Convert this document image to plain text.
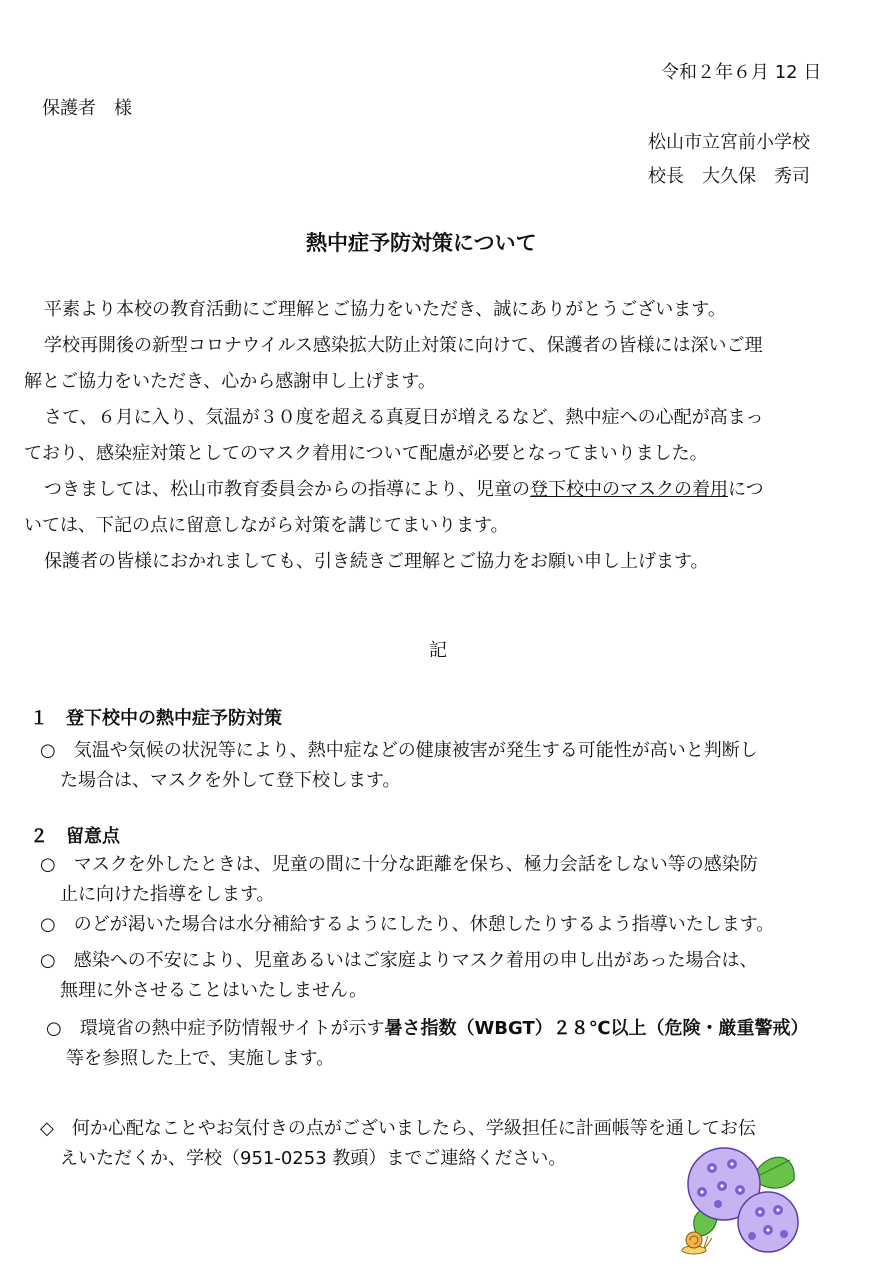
令和２年６月 12 日
保護者　様
松山市立宮前小学校
校長　大久保　秀司
熱中症予防対策について

平素より本校の教育活動にご理解とご協力をいただき、誠にありがとうございます。

学校再開後の新型コロナウイルス感染拡大防止対策に向けて、保護者の皆様には深いご理

解とご協力をいただき、心から感謝申し上げます。

さて、６月に入り、気温が３０度を超える真夏日が増えるなど、熱中症への心配が高まっ

ており、感染症対策としてのマスク着用について配慮が必要となってまいりました。

つきましては、松山市教育委員会からの指導により、児童の登下校中のマスクの着用につ

いては、下記の点に留意しながら対策を講じてまいります。

保護者の皆様におかれましても、引き続きご理解とご協力をお願い申し上げます。

記
１　登下校中の熱中症予防対策
○　気温や気候の状況等により、熱中症などの健康被害が発生する可能性が高いと判断し
た場合は、マスクを外して登下校します。
２　留意点
○　マスクを外したときは、児童の間に十分な距離を保ち、極力会話をしない等の感染防
止に向けた指導をします。
○　のどが渇いた場合は水分補給するようにしたり、休憩したりするよう指導いたします。
○　感染への不安により、児童あるいはご家庭よりマスク着用の申し出があった場合は、
無理に外させることはいたしません。
○　環境省の熱中症予防情報サイトが示す暑さ指数（WBGT）２８℃以上（危険・厳重警戒）
等を参照した上で、実施します。
◇　何か心配なことやお気付きの点がございましたら、学級担任に計画帳等を通してお伝
えいただくか、学校（951-0253 教頭）までご連絡ください。
